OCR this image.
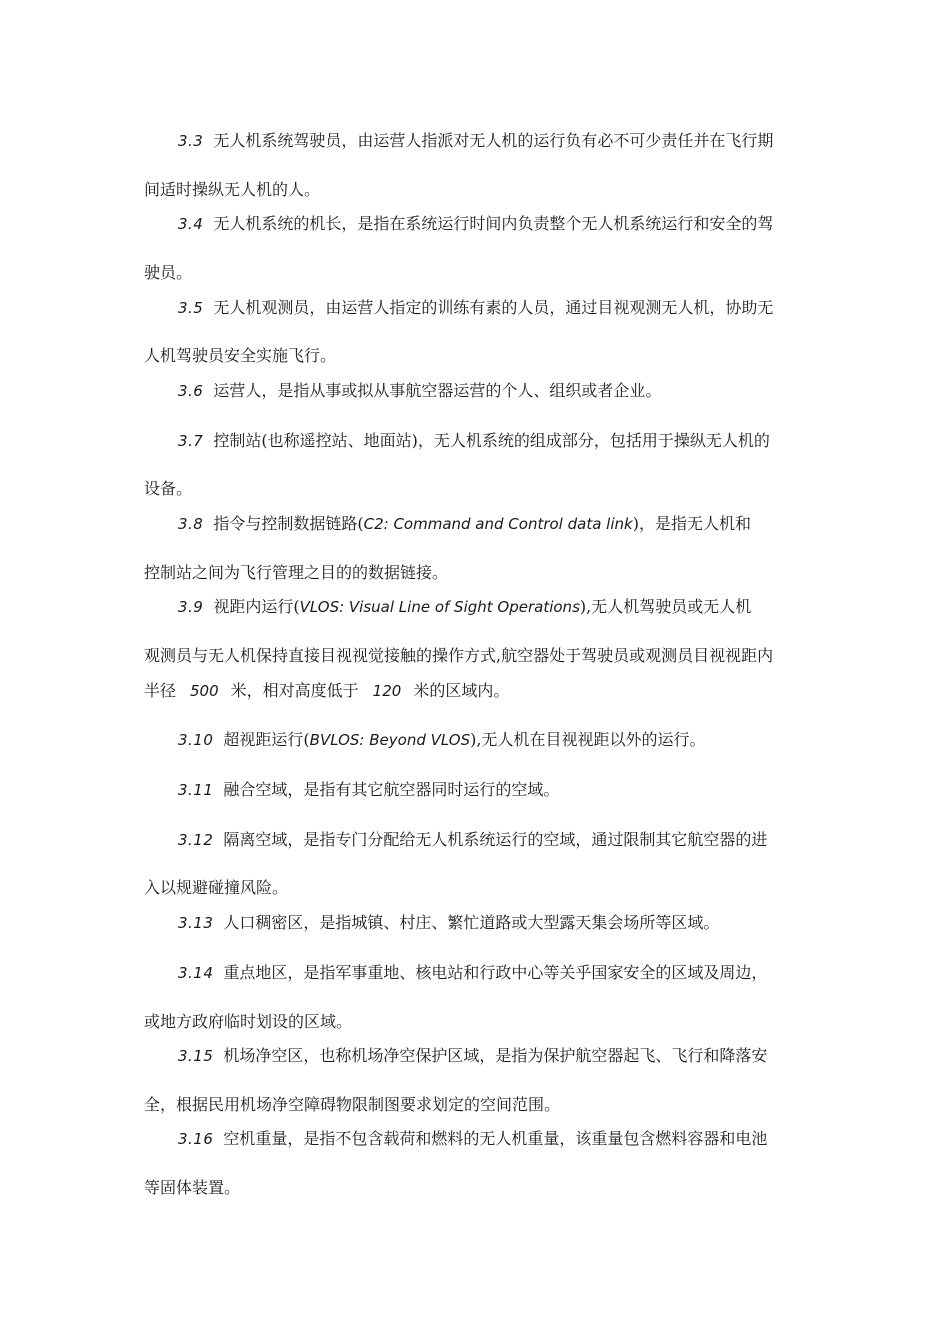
3.3 无人机系统驾驶员，由运营人指派对无人机的运行负有必不可少责任并在飞行期
间适时操纵无人机的人。
3.4 无人机系统的机长，是指在系统运行时间内负责整个无人机系统运行和安全的驾
驶员。
3.5 无人机观测员，由运营人指定的训练有素的人员，通过目视观测无人机，协助无
人机驾驶员安全实施飞行。
3.6 运营人，是指从事或拟从事航空器运营的个人、组织或者企业。
3.7 控制站(也称遥控站、地面站)，无人机系统的组成部分，包括用于操纵无人机的
设备。
3.8 指令与控制数据链路(C2: Command and Control data link)，是指无人机和
控制站之间为飞行管理之目的的数据链接。
3.9 视距内运行(VLOS: Visual Line of Sight Operations),无人机驾驶员或无人机
观测员与无人机保持直接目视视觉接触的操作方式,航空器处于驾驶员或观测员目视视距内
半径 500 米，相对高度低于 120 米的区域内。
3.10 超视距运行(BVLOS: Beyond VLOS),无人机在目视视距以外的运行。
3.11 融合空域，是指有其它航空器同时运行的空域。
3.12 隔离空域，是指专门分配给无人机系统运行的空域，通过限制其它航空器的进
入以规避碰撞风险。
3.13 人口稠密区，是指城镇、村庄、繁忙道路或大型露天集会场所等区域。
3.14 重点地区，是指军事重地、核电站和行政中心等关乎国家安全的区域及周边，
或地方政府临时划设的区域。
3.15 机场净空区，也称机场净空保护区域，是指为保护航空器起飞、飞行和降落安
全，根据民用机场净空障碍物限制图要求划定的空间范围。
3.16 空机重量，是指不包含载荷和燃料的无人机重量，该重量包含燃料容器和电池
等固体装置。
